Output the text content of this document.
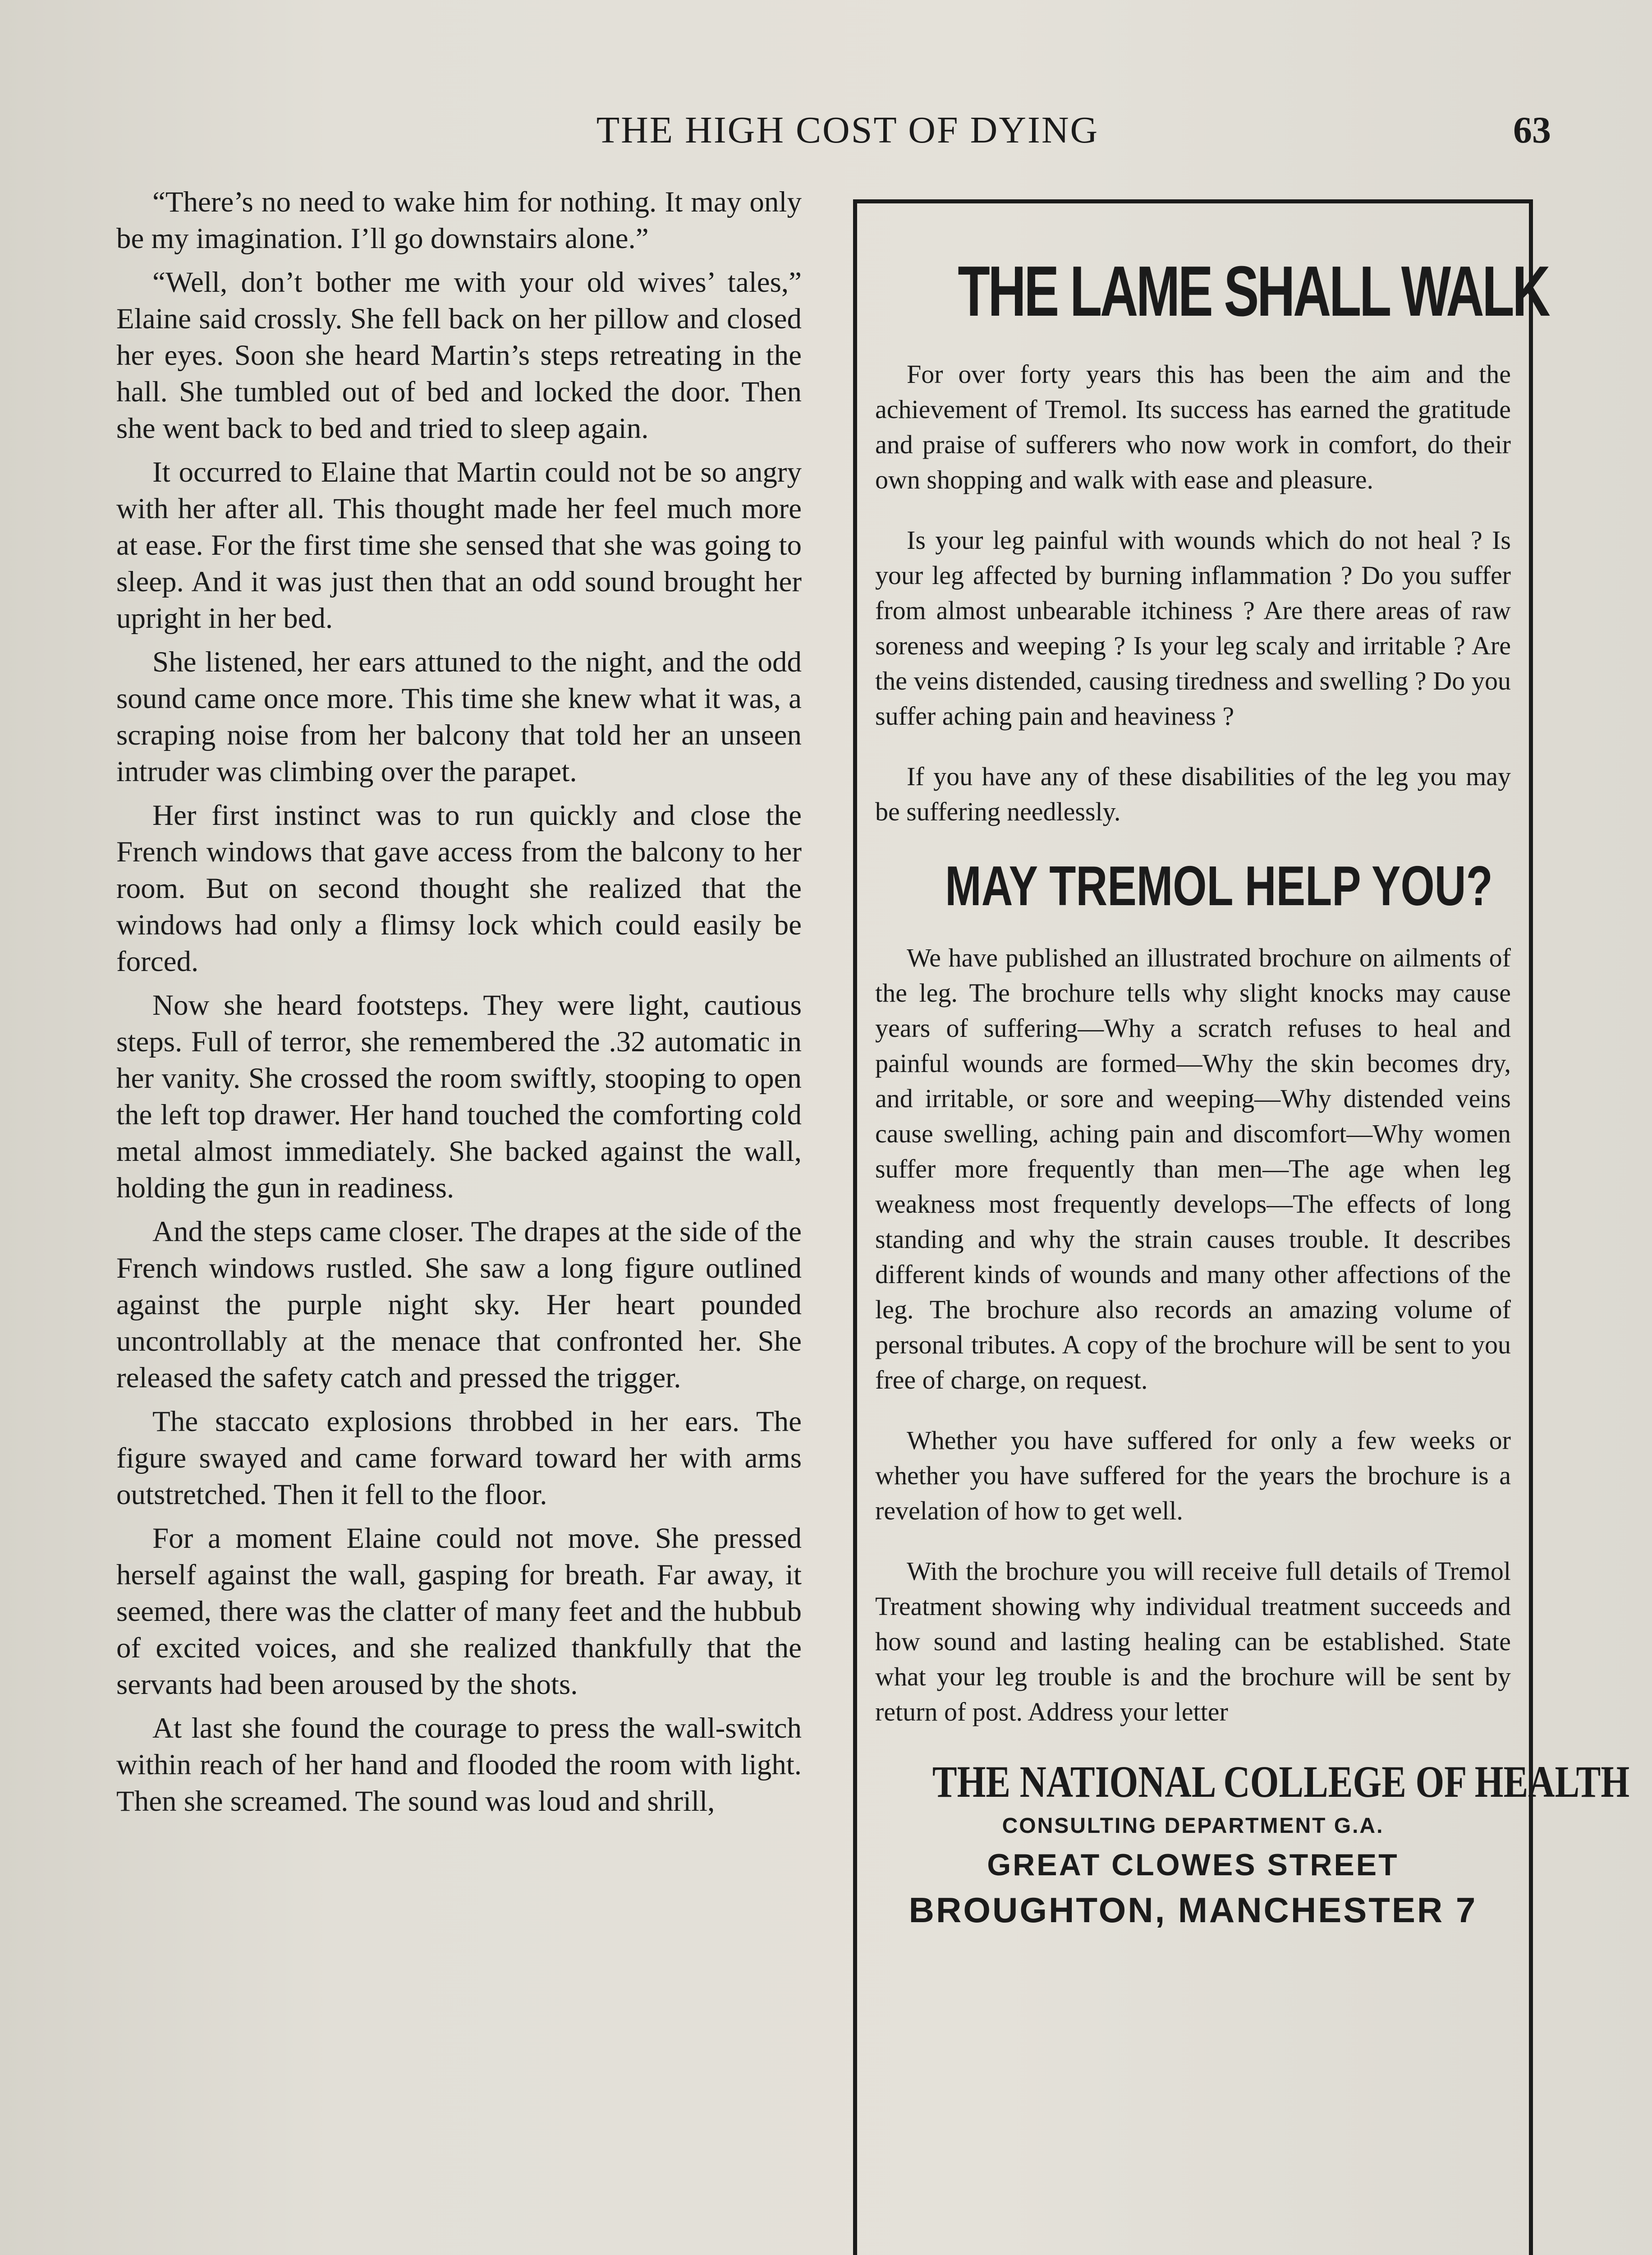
THE HIGH COST OF DYING	63

“There’s no need to wake him for nothing. It may only be my imagination. I’ll go downstairs alone.”

“Well, don’t bother me with your old wives’ tales,” Elaine said crossly. She fell back on her pillow and closed her eyes. Soon she heard Martin’s steps retreating in the hall. She tumbled out of bed and locked the door. Then she went back to bed and tried to sleep again.

It occurred to Elaine that Martin could not be so angry with her after all. This thought made her feel much more at ease. For the first time she sensed that she was going to sleep. And it was just then that an odd sound brought her upright in her bed.

She listened, her ears attuned to the night, and the odd sound came once more. This time she knew what it was, a scraping noise from her balcony that told her an unseen intruder was climbing over the parapet.

Her first instinct was to run quickly and close the French windows that gave access from the balcony to her room. But on second thought she realized that the windows had only a flimsy lock which could easily be forced.

Now she heard footsteps. They were light, cautious steps. Full of terror, she remembered the .32 automatic in her vanity. She crossed the room swiftly, stooping to open the left top drawer. Her hand touched the comforting cold metal almost immediately. She backed against the wall, holding the gun in readiness.

And the steps came closer. The drapes at the side of the French windows rustled. She saw a long figure outlined against the purple night sky. Her heart pounded uncontrollably at the menace that confronted her. She released the safety catch and pressed the trigger.

The staccato explosions throbbed in her ears. The figure swayed and came forward toward her with arms outstretched. Then it fell to the floor.

For a moment Elaine could not move. She pressed herself against the wall, gasping for breath. Far away, it seemed, there was the clatter of many feet and the hubbub of excited voices, and she realized thankfully that the servants had been aroused by the shots.

At last she found the courage to press the wall-switch within reach of her hand and flooded the room with light. Then she screamed. The sound was loud and shrill,

THE LAME SHALL WALK

For over forty years this has been the aim and the achievement of Tremol. Its success has earned the gratitude and praise of sufferers who now work in comfort, do their own shopping and walk with ease and pleasure.

Is your leg painful with wounds which do not heal ? Is your leg affected by burning inflammation ? Do you suffer from almost unbearable itchiness ? Are there areas of raw soreness and weeping ? Is your leg scaly and irritable ? Are the veins distended, causing tiredness and swelling ? Do you suffer aching pain and heaviness ?

If you have any of these disabilities of the leg you may be suffering needlessly.

MAY TREMOL HELP YOU?

We have published an illustrated brochure on ailments of the leg. The brochure tells why slight knocks may cause years of suffering—Why a scratch refuses to heal and painful wounds are formed—Why the skin becomes dry, and irritable, or sore and weeping—Why distended veins cause swelling, aching pain and discomfort—Why women suffer more frequently than men—The age when leg weakness most frequently develops—The effects of long standing and why the strain causes trouble. It describes different kinds of wounds and many other affections of the leg. The brochure also records an amazing volume of personal tributes. A copy of the brochure will be sent to you free of charge, on request.

Whether you have suffered for only a few weeks or whether you have suffered for the years the brochure is a revelation of how to get well.

With the brochure you will receive full details of Tremol Treatment showing why individual treatment succeeds and how sound and lasting healing can be established. State what your leg trouble is and the brochure will be sent by return of post. Address your letter

THE NATIONAL COLLEGE OF HEALTH
CONSULTING DEPARTMENT G.A.
GREAT CLOWES STREET
BROUGHTON, MANCHESTER 7
